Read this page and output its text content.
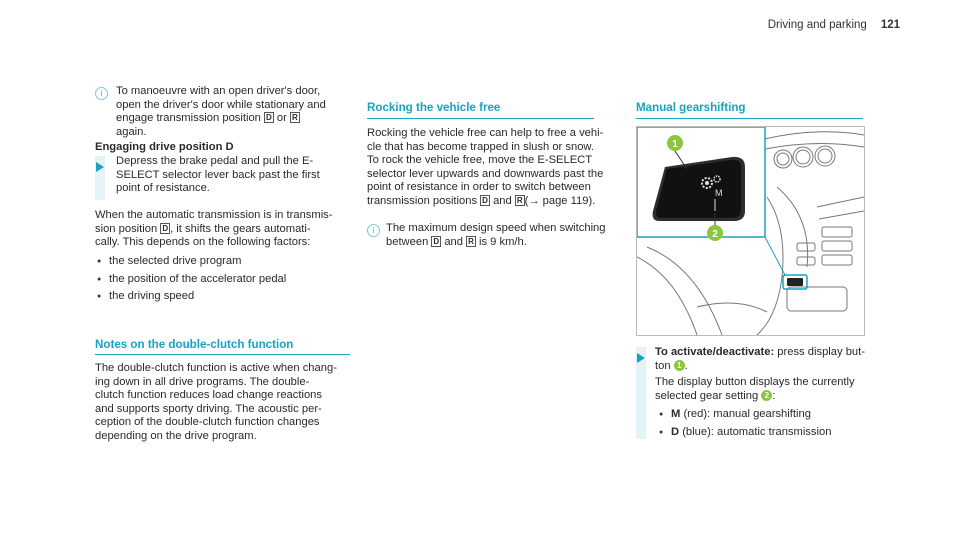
Driving and parking 121
i	To manoeuvre with an open driver's door,

open the driver's door while stationary and

engage transmission position D or R

again.

Engaging drive position D

Depress the brake pedal and pull the E-

SELECT selector lever back past the first

point of resistance.

When the automatic transmission is in transmis-

sion position D , it shifts the gears automati-

cally. This depends on the following factors:

● the selected drive program
● the position of the accelerator pedal
● the driving speed
Notes on the double-clutch function

The double-clutch function is active when chang-

ing down in all drive programs. The double-

clutch function reduces load change reactions

and supports sporty driving. The acoustic per-

ception of the double-clutch function changes

depending on the drive program.

Rocking the vehicle free

Rocking the vehicle free can help to free a vehi-

cle that has become trapped in slush or snow.

To rock the vehicle free, move the E-SELECT

selector lever upwards and downwards past the

point of resistance in order to switch between

transmission positions D and R (→ page 119).

i	The maximum design speed when switching

between D and R is 9 km/h.

Manual gearshifting
M
1
2

To activate/deactivate: press display but-

ton 1 .

The display button displays the currently

selected gear setting 2 :

● M (red): manual gearshifting
● D (blue): automatic transmission
